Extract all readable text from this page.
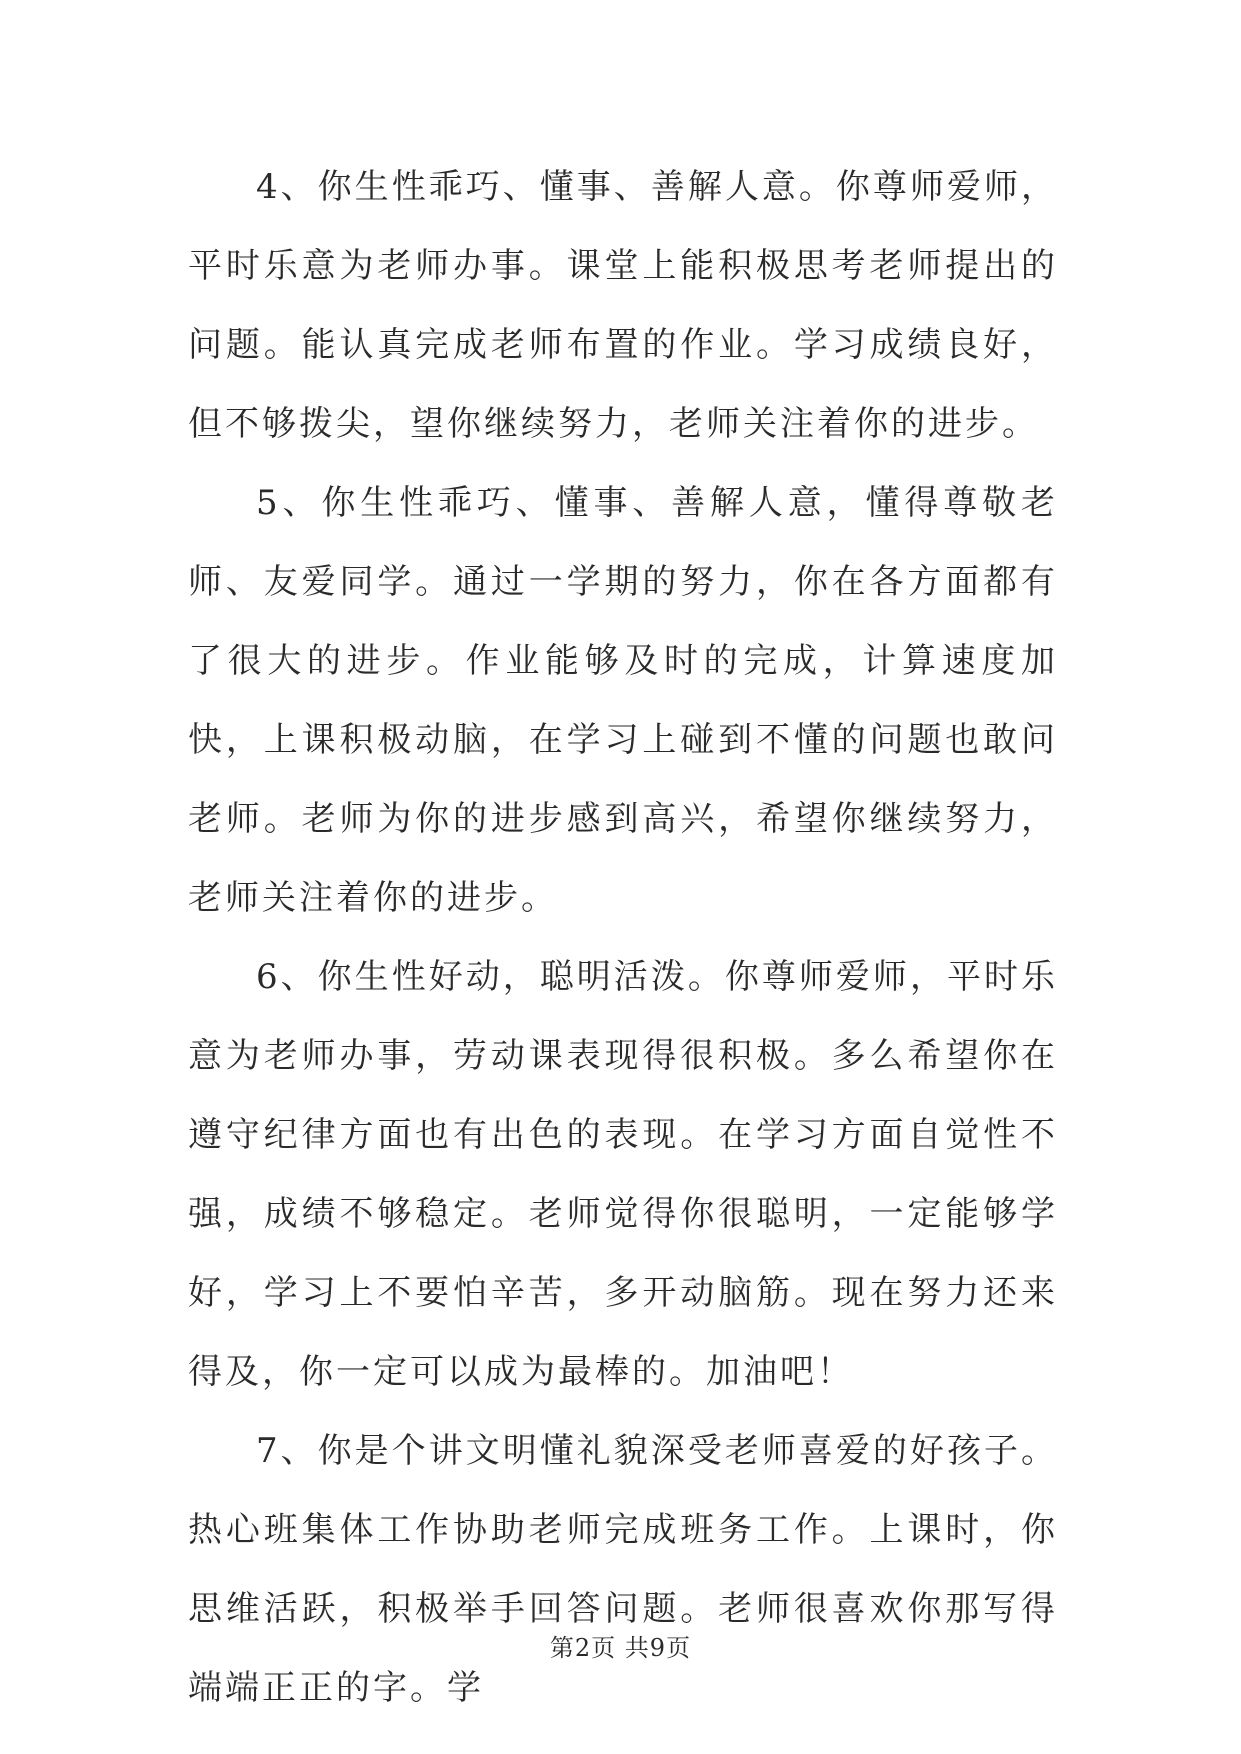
4、你生性乖巧、懂事、善解人意。你尊师爱师，平时乐意为老师办事。课堂上能积极思考老师提出的问题。能认真完成老师布置的作业。学习成绩良好，但不够拨尖，望你继续努力，老师关注着你的进步。

5、你生性乖巧、懂事、善解人意，懂得尊敬老师、友爱同学。通过一学期的努力，你在各方面都有了很大的进步。作业能够及时的完成，计算速度加快，上课积极动脑，在学习上碰到不懂的问题也敢问老师。老师为你的进步感到高兴，希望你继续努力，老师关注着你的进步。

6、你生性好动，聪明活泼。你尊师爱师，平时乐意为老师办事，劳动课表现得很积极。多么希望你在遵守纪律方面也有出色的表现。在学习方面自觉性不强，成绩不够稳定。老师觉得你很聪明，一定能够学好，学习上不要怕辛苦，多开动脑筋。现在努力还来得及，你一定可以成为最棒的。加油吧！

7、你是个讲文明懂礼貌深受老师喜爱的好孩子。热心班集体工作协助老师完成班务工作。上课时，你思维活跃，积极举手回答问题。老师很喜欢你那写得端端正正的字。学

第2页 共9页
